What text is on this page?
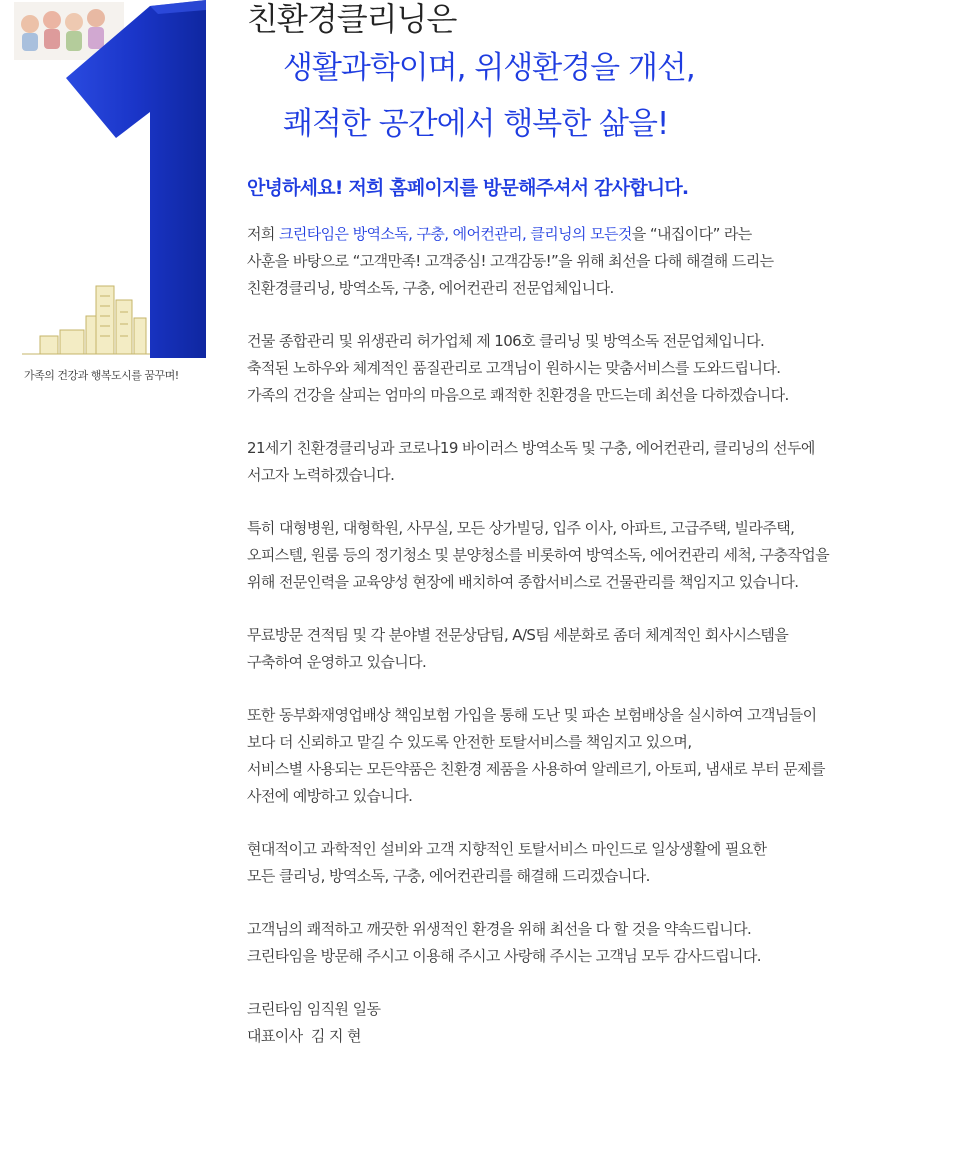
가족의 건강과 행복도시를 꿈꾸며!
친환경클리닝은
생활과학이며, 위생환경을 개선,
쾌적한 공간에서 행복한 삶을!
안녕하세요! 저희 홈페이지를 방문해주셔서 감사합니다.
저희 크린타임은 방역소독, 구충, 에어컨관리, 클리닝의 모든것을 “내집이다” 라는
사훈을 바탕으로 “고객만족! 고객중심! 고객감동!”을 위해 최선을 다해 해결해 드리는
친환경클리닝, 방역소독, 구충, 에어컨관리 전문업체입니다.
건물 종합관리 및 위생관리 허가업체 제 106호 클리닝 및 방역소독 전문업체입니다.
축적된 노하우와 체계적인 품질관리로 고객님이 원하시는 맞춤서비스를 도와드립니다.
가족의 건강을 살피는 엄마의 마음으로 쾌적한 친환경을 만드는데 최선을 다하겠습니다.
21세기 친환경클리닝과 코로나19 바이러스 방역소독 및 구충, 에어컨관리, 클리닝의 선두에
서고자 노력하겠습니다.
특히 대형병원, 대형학원, 사무실, 모든 상가빌딩, 입주 이사, 아파트, 고급주택, 빌라주택,
오피스텔, 원룸 등의 정기청소 및 분양청소를 비롯하여 방역소독, 에어컨관리 세척, 구충작업을
위해 전문인력을 교육양성 현장에 배치하여 종합서비스로 건물관리를 책임지고 있습니다.
무료방문 견적팀 및 각 분야별 전문상담팀, A/S팀 세분화로 좀더 체계적인 회사시스템을
구축하여 운영하고 있습니다.
또한 동부화재영업배상 책임보험 가입을 통해 도난 및 파손 보험배상을 실시하여 고객님들이
보다 더 신뢰하고 맡길 수 있도록 안전한 토탈서비스를 책임지고 있으며,
서비스별 사용되는 모든약품은 친환경 제품을 사용하여 알레르기, 아토피, 냄새로 부터 문제를
사전에 예방하고 있습니다.
현대적이고 과학적인 설비와 고객 지향적인 토탈서비스 마인드로 일상생활에 필요한
모든 클리닝, 방역소독, 구충, 에어컨관리를 해결해 드리겠습니다.
고객님의 쾌적하고 깨끗한 위생적인 환경을 위해 최선을 다 할 것을 약속드립니다.
크린타임을 방문해 주시고 이용해 주시고 사랑해 주시는 고객님 모두 감사드립니다.
크린타임 임직원 일동
대표이사  김 지 현
